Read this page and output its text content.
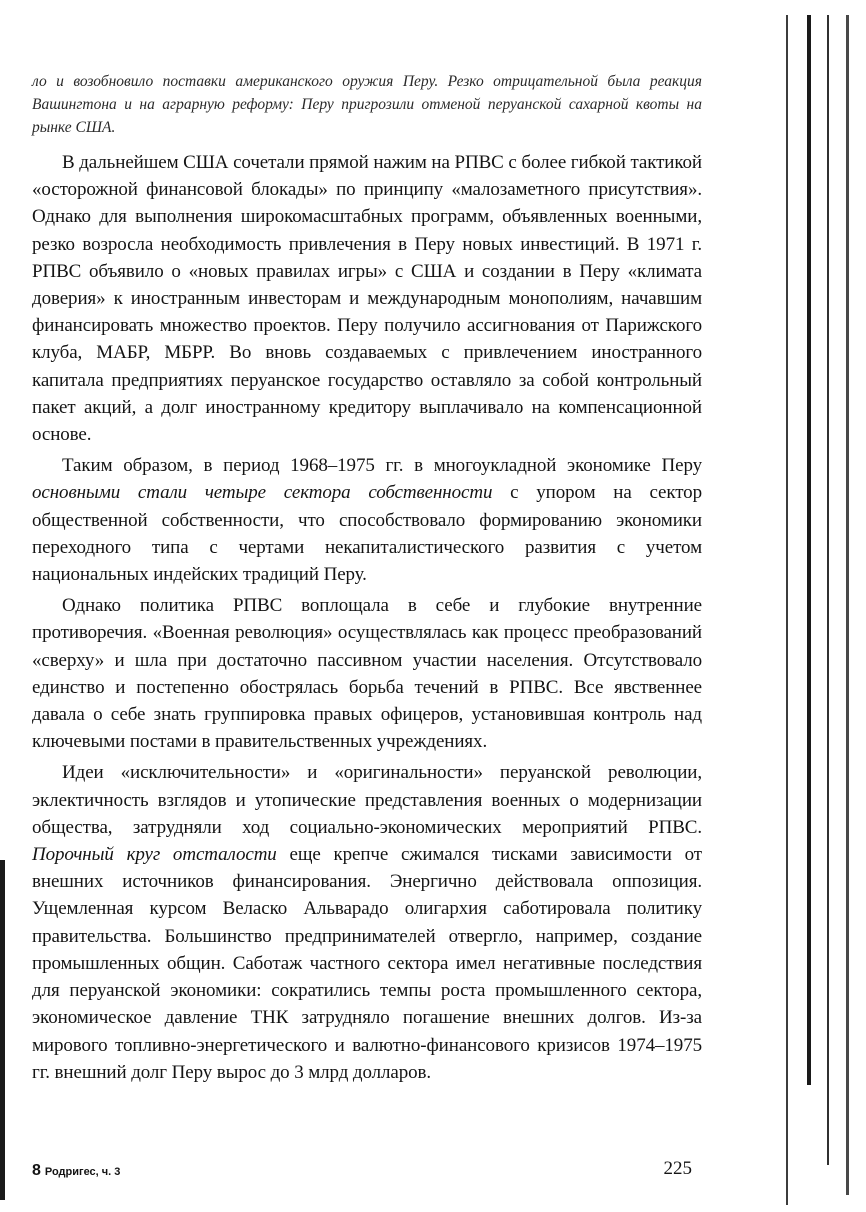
ло и возобновило поставки американского оружия Перу. Резко отрицательной была реакция Вашингтона и на аграрную реформу: Перу пригрозили отменой перуанской сахарной квоты на рынке США.

В дальнейшем США сочетали прямой нажим на РПВС с более гибкой тактикой «осторожной финансовой блокады» по принципу «малозаметного присутствия». Однако для выполнения широкомасштабных программ, объявленных военными, резко возросла необходимость привлечения в Перу новых инвестиций. В 1971 г. РПВС объявило о «новых правилах игры» с США и создании в Перу «климата доверия» к иностранным инвесторам и международным монополиям, начавшим финансировать множество проектов. Перу получило ассигнования от Парижского клуба, МАБР, МБРР. Во вновь создаваемых с привлечением иностранного капитала предприятиях перуанское государство оставляло за собой контрольный пакет акций, а долг иностранному кредитору выплачивало на компенсационной основе.

Таким образом, в период 1968–1975 гг. в многоукладной экономике Перу основными стали четыре сектора собственности с упором на сектор общественной собственности, что способствовало формированию экономики переходного типа с чертами некапиталистического развития с учетом национальных индейских традиций Перу.

Однако политика РПВС воплощала в себе и глубокие внутренние противоречия. «Военная революция» осуществлялась как процесс преобразований «сверху» и шла при достаточно пассивном участии населения. Отсутствовало единство и постепенно обострялась борьба течений в РПВС. Все явственнее давала о себе знать группировка правых офицеров, установившая контроль над ключевыми постами в правительственных учреждениях.

Идеи «исключительности» и «оригинальности» перуанской революции, эклектичность взглядов и утопические представления военных о модернизации общества, затрудняли ход социально-экономических мероприятий РПВС. Порочный круг отсталости еще крепче сжимался тисками зависимости от внешних источников финансирования. Энергично действовала оппозиция. Ущемленная курсом Веласко Альварадо олигархия саботировала политику правительства. Большинство предпринимателей отвергло, например, создание промышленных общин. Саботаж частного сектора имел негативные последствия для перуанской экономики: сократились темпы роста промышленного сектора, экономическое давление ТНК затрудняло погашение внешних долгов. Из-за мирового топливно-энергетического и валютно-финансового кризисов 1974–1975 гг. внешний долг Перу вырос до 3 млрд долларов.

8 Родригес, ч. 3	225
